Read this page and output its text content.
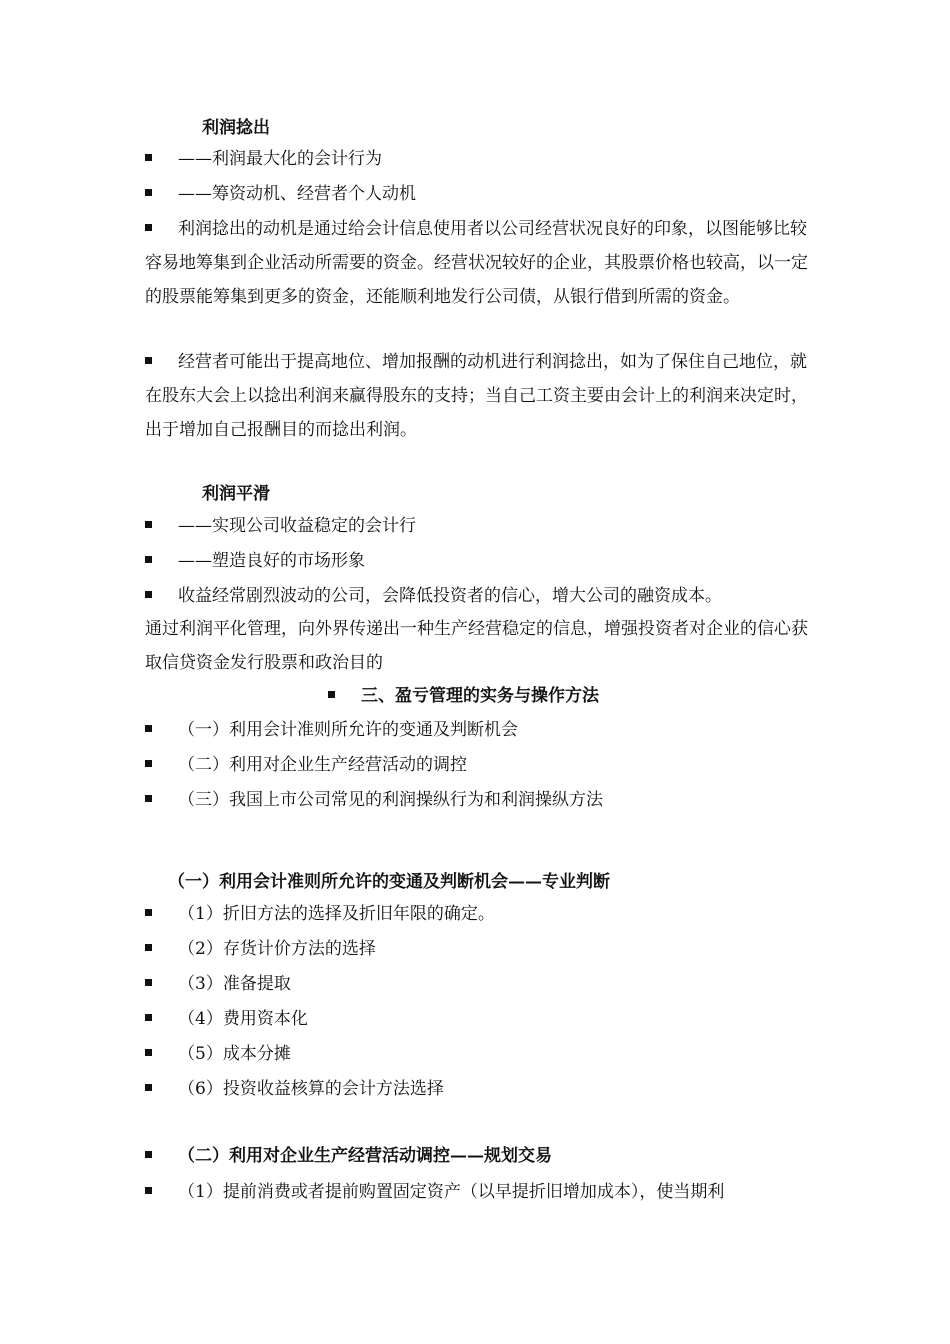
利润捻出
——利润最大化的会计行为
——筹资动机、经营者个人动机
利润捻出的动机是通过给会计信息使用者以公司经营状况良好的印象，以图能够比较容易地筹集到企业活动所需要的资金。经营状况较好的企业，其股票价格也较高，以一定的股票能筹集到更多的资金，还能顺利地发行公司债，从银行借到所需的资金。
经营者可能出于提高地位、增加报酬的动机进行利润捻出，如为了保住自己地位，就在股东大会上以捻出利润来赢得股东的支持；当自己工资主要由会计上的利润来决定时，出于增加自己报酬目的而捻出利润。
利润平滑
——实现公司收益稳定的会计行
——塑造良好的市场形象
收益经常剧烈波动的公司，会降低投资者的信心，增大公司的融资成本。
通过利润平化管理，向外界传递出一种生产经营稳定的信息，增强投资者对企业的信心获取信贷资金发行股票和政治目的
三、盈亏管理的实务与操作方法
（一）利用会计准则所允许的变通及判断机会
（二）利用对企业生产经营活动的调控
（三）我国上市公司常见的利润操纵行为和利润操纵方法
（一）利用会计准则所允许的变通及判断机会——专业判断
（1）折旧方法的选择及折旧年限的确定。
（2）存货计价方法的选择
（3）准备提取
（4）费用资本化
（5）成本分摊
（6）投资收益核算的会计方法选择
（二）利用对企业生产经营活动调控——规划交易
（1）提前消费或者提前购置固定资产（以早提折旧增加成本），使当期利
